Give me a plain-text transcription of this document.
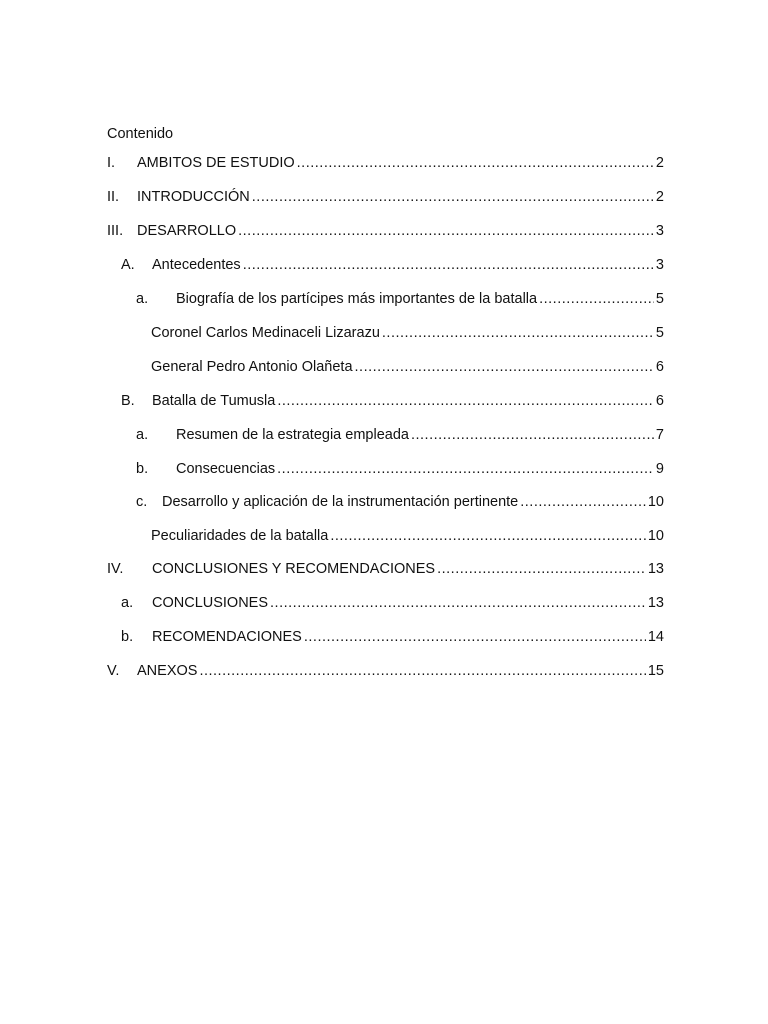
Contenido
I.	AMBITOS DE ESTUDIO .....	2
II.	INTRODUCCIÓN .....	2
III. DESARROLLO .....	3
A.	Antecedentes .....	3
a.	Biografía de los partícipes más importantes de la batalla .....	5
Coronel Carlos Medinaceli Lizarazu .....	5
General Pedro Antonio Olañeta .....	6
B.	Batalla de Tumusla .....	6
a.	Resumen de la estrategia empleada .....	7
b.	Consecuencias .....	9
c.	Desarrollo y aplicación de la instrumentación pertinente .....	10
Peculiaridades de la batalla .....	10
IV.	CONCLUSIONES Y RECOMENDACIONES .....	13
a.	CONCLUSIONES .....	13
b.	RECOMENDACIONES .....	14
V.	ANEXOS .....	15
